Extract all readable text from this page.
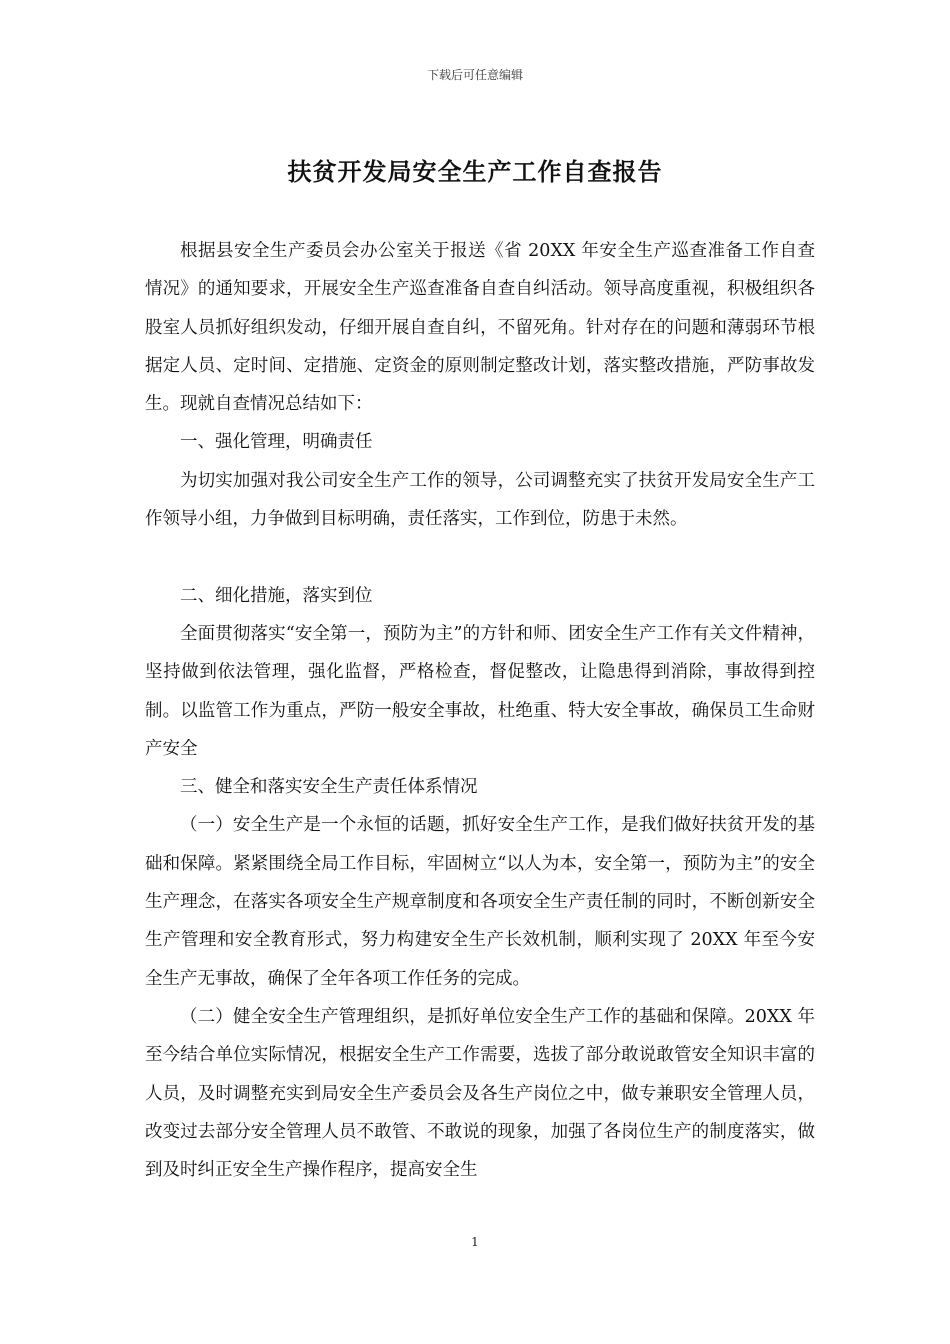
下载后可任意编辑
扶贫开发局安全生产工作自查报告

根据县安全生产委员会办公室关于报送《省 20XX 年安全生产巡查准备工作自查情况》的通知要求，开展安全生产巡查准备自查自纠活动。领导高度重视，积极组织各股室人员抓好组织发动，仔细开展自查自纠，不留死角。针对存在的问题和薄弱环节根据定人员、定时间、定措施、定资金的原则制定整改计划，落实整改措施，严防事故发生。现就自查情况总结如下：

一、强化管理，明确责任

为切实加强对我公司安全生产工作的领导，公司调整充实了扶贫开发局安全生产工作领导小组，力争做到目标明确，责任落实，工作到位，防患于未然。

二、细化措施，落实到位

全面贯彻落实“安全第一，预防为主”的方针和师、团安全生产工作有关文件精神，坚持做到依法管理，强化监督，严格检查，督促整改，让隐患得到消除，事故得到控制。以监管工作为重点，严防一般安全事故，杜绝重、特大安全事故，确保员工生命财产安全

三、健全和落实安全生产责任体系情况

（一）安全生产是一个永恒的话题，抓好安全生产工作，是我们做好扶贫开发的基础和保障。紧紧围绕全局工作目标，牢固树立“以人为本，安全第一，预防为主”的安全生产理念，在落实各项安全生产规章制度和各项安全生产责任制的同时，不断创新安全生产管理和安全教育形式，努力构建安全生产长效机制，顺利实现了 20XX 年至今安全生产无事故，确保了全年各项工作任务的完成。

（二）健全安全生产管理组织，是抓好单位安全生产工作的基础和保障。20XX 年至今结合单位实际情况，根据安全生产工作需要，选拔了部分敢说敢管安全知识丰富的人员，及时调整充实到局安全生产委员会及各生产岗位之中，做专兼职安全管理人员，改变过去部分安全管理人员不敢管、不敢说的现象，加强了各岗位生产的制度落实，做到及时纠正安全生产操作程序，提高安全生

1
